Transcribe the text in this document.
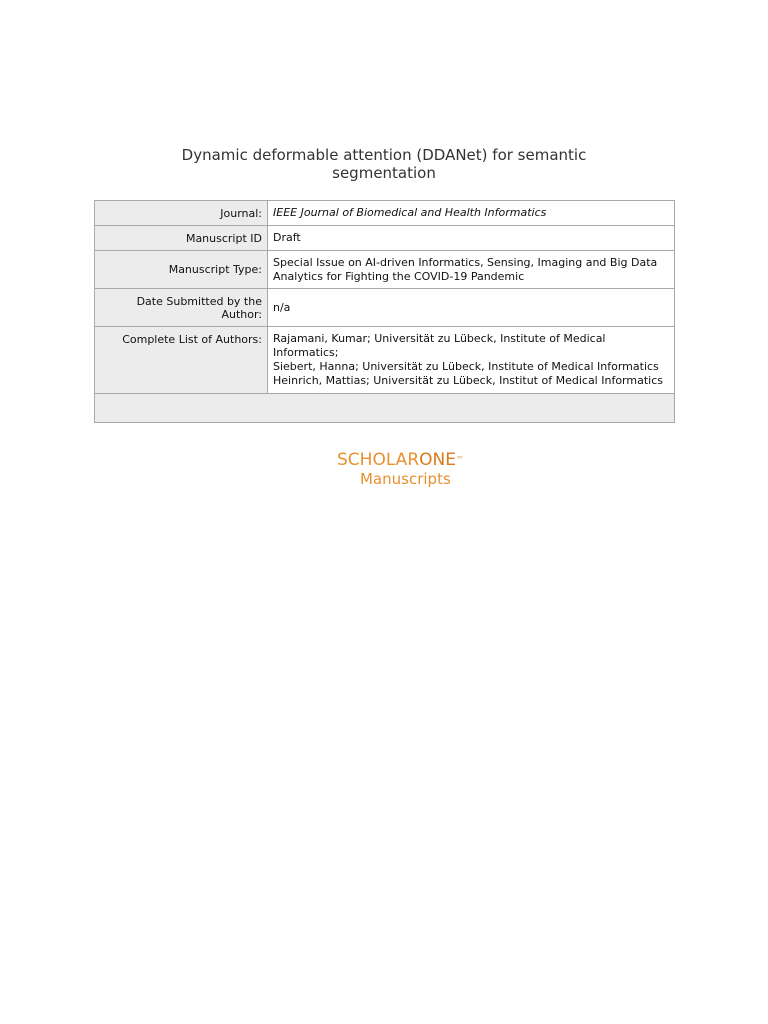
Dynamic deformable attention (DDANet) for semantic
segmentation
Journal:	IEEE Journal of Biomedical and Health Informatics
Manuscript ID	Draft
Manuscript Type:	Special Issue on AI-driven Informatics, Sensing, Imaging and Big Data Analytics for Fighting the COVID-19 Pandemic
Date Submitted by the Author:	n/a
Complete List of Authors:	Rajamani, Kumar; Universität zu Lübeck, Institute of Medical Informatics;
Siebert, Hanna; Universität zu Lübeck, Institute of Medical Informatics
Heinrich, Mattias; Universität zu Lübeck, Institut of Medical Informatics

SCHOLARONE™
Manuscripts
